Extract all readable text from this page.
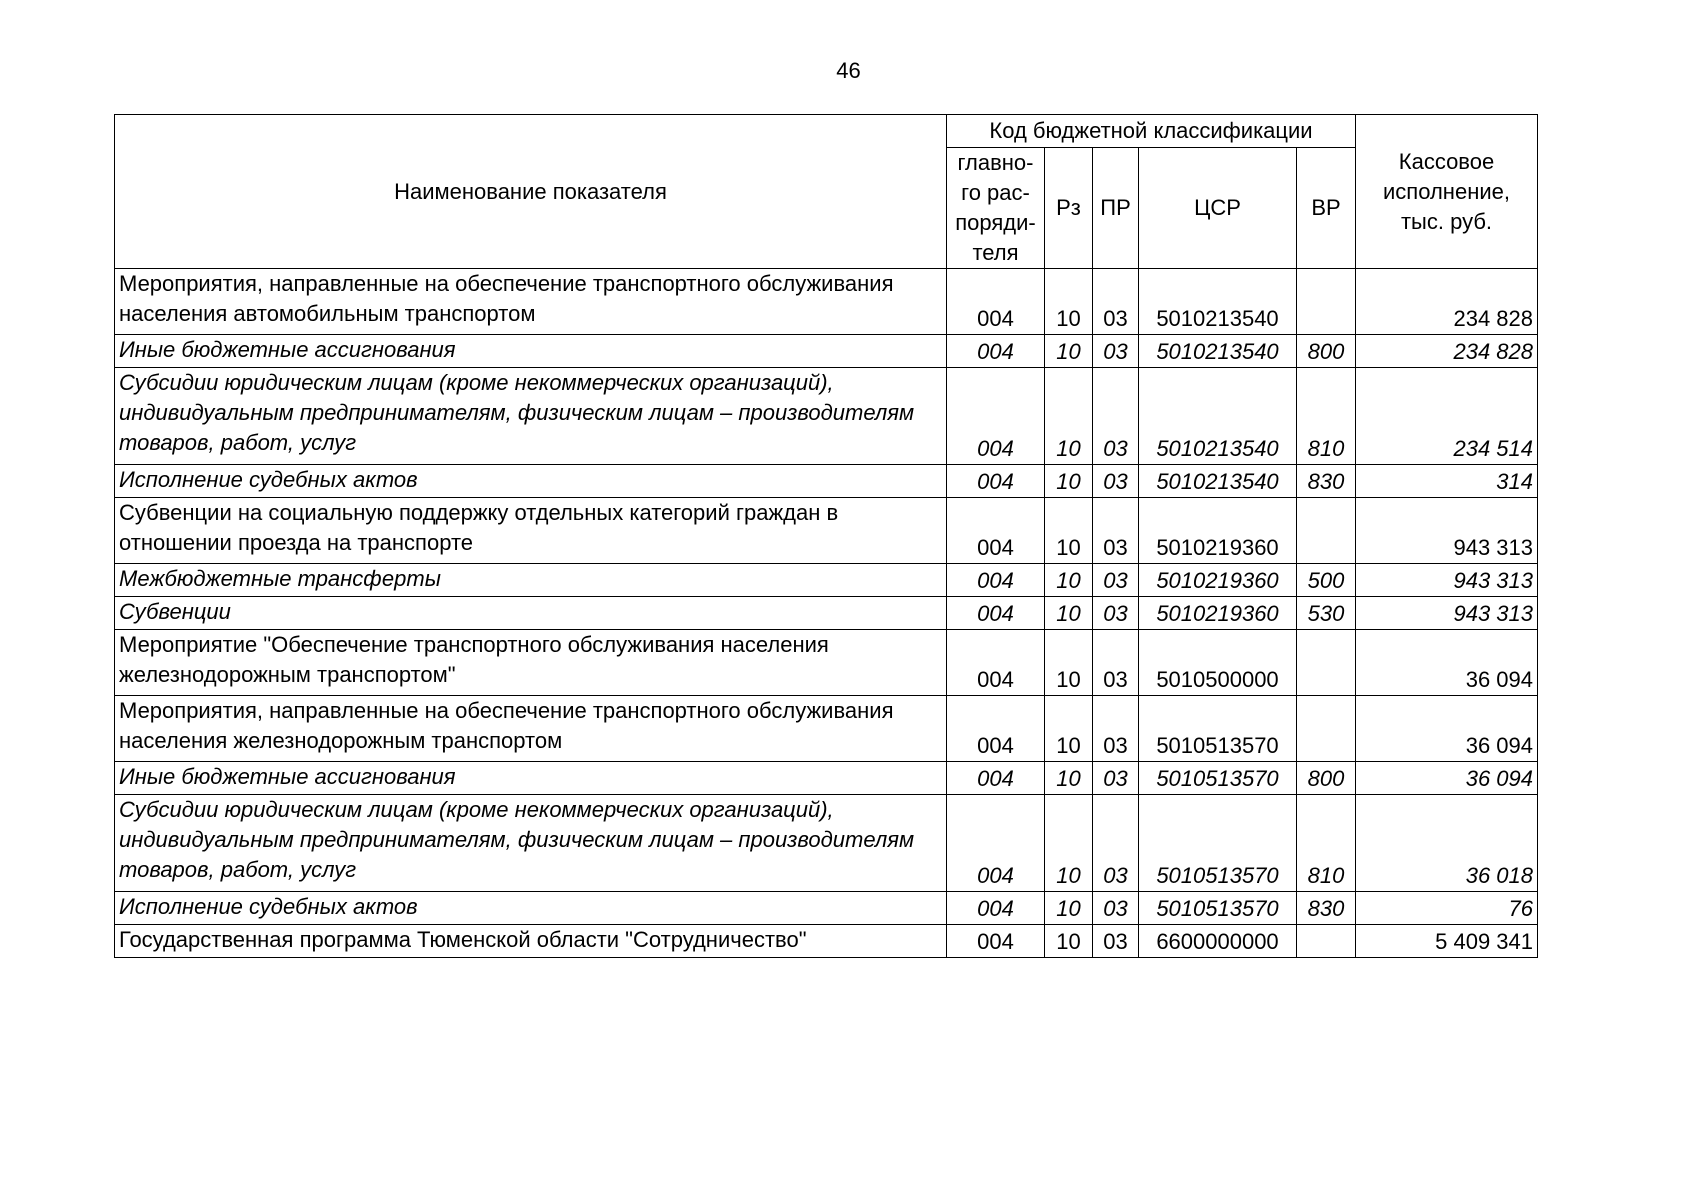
46
Наименование показателя	Код бюджетной классификации					Кассовое исполнение, тыс. руб.
	главно-го рас-поряди-теля	Рз	ПР	ЦСР	ВР	
Мероприятия, направленные на обеспечение транспортного обслуживания населения автомобильным транспортом	004	10	03	5010213540		234 828
Иные бюджетные ассигнования	004	10	03	5010213540	800	234 828
Субсидии юридическим лицам (кроме некоммерческих организаций), индивидуальным предпринимателям, физическим лицам – производителям товаров, работ, услуг	004	10	03	5010213540	810	234 514
Исполнение судебных актов	004	10	03	5010213540	830	314
Субвенции на социальную поддержку отдельных категорий граждан в отношении проезда на транспорте	004	10	03	5010219360		943 313
Межбюджетные трансферты	004	10	03	5010219360	500	943 313
Субвенции	004	10	03	5010219360	530	943 313
Мероприятие "Обеспечение транспортного обслуживания населения железнодорожным транспортом"	004	10	03	5010500000		36 094
Мероприятия, направленные на обеспечение транспортного обслуживания населения железнодорожным транспортом	004	10	03	5010513570		36 094
Иные бюджетные ассигнования	004	10	03	5010513570	800	36 094
Субсидии юридическим лицам (кроме некоммерческих организаций), индивидуальным предпринимателям, физическим лицам – производителям товаров, работ, услуг	004	10	03	5010513570	810	36 018
Исполнение судебных актов	004	10	03	5010513570	830	76
Государственная программа Тюменской области "Сотрудничество"	004	10	03	6600000000		5 409 341
